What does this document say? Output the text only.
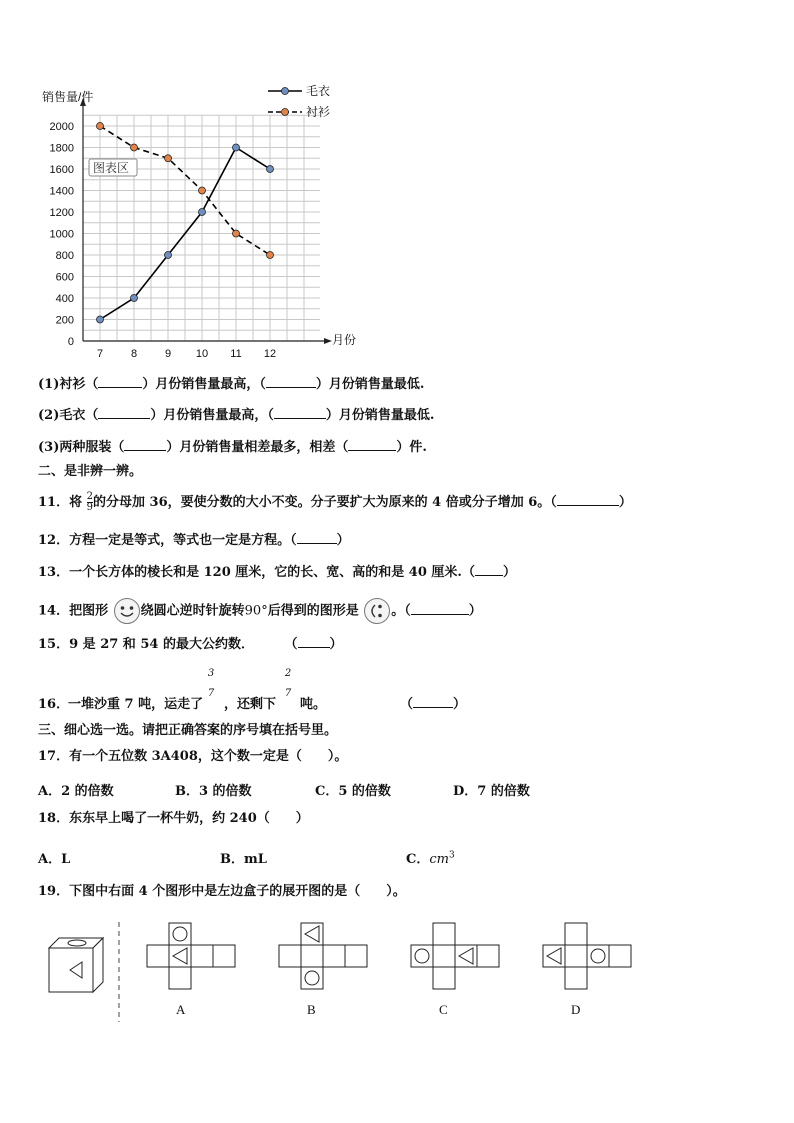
0
200
400
600
800
1000
1200
1400
1600
1800
2000
7	8	9 10 11 12
销售量/件
月份
图表区
毛衣
衬衫
(1)衬衫（	）月份销售量最高，（	）月份销售量最低.
(2)毛衣（	）月份销售量最高，（	）月份销售量最低.
(3)两种服装（	）月份销售量相差最多，相差（	）件.
二、是非辨一辨。
11．将 $\frac{2}{9}$ 的分母加 36，要使分数的大小不变。分子要扩大为原来的 4 倍或分子增加 6。（	）
12．方程一定是等式，等式也一定是方程。（	）
13．一个长方体的棱长和是 120 厘米，它的长、宽、高的和是 40 厘米.（ ）
14．把图形	绕圆心逆时针旋转90°后得到的图形是	。（	）
15．9 是 27 和 54 的最大公约数． （ ）
16．
一堆沙重 7 吨，运走了
3
7
，还剩下
2
7
吨。	（	）
三、细心选一选。请把正确答案的序号填在括号里。
17．有一个五位数 3A408，这个数一定是（　　）。
A．2 的倍数	B．3 的倍数	C．5 的倍数	D．7 的倍数
18．东东早上喝了一杯牛奶，约 240（　　）
A．L	B．mL	C．$cm^3$
19．下图中右面 4 个图形中是左边盒子的展开图的是（　　）。
A	B	C	D
